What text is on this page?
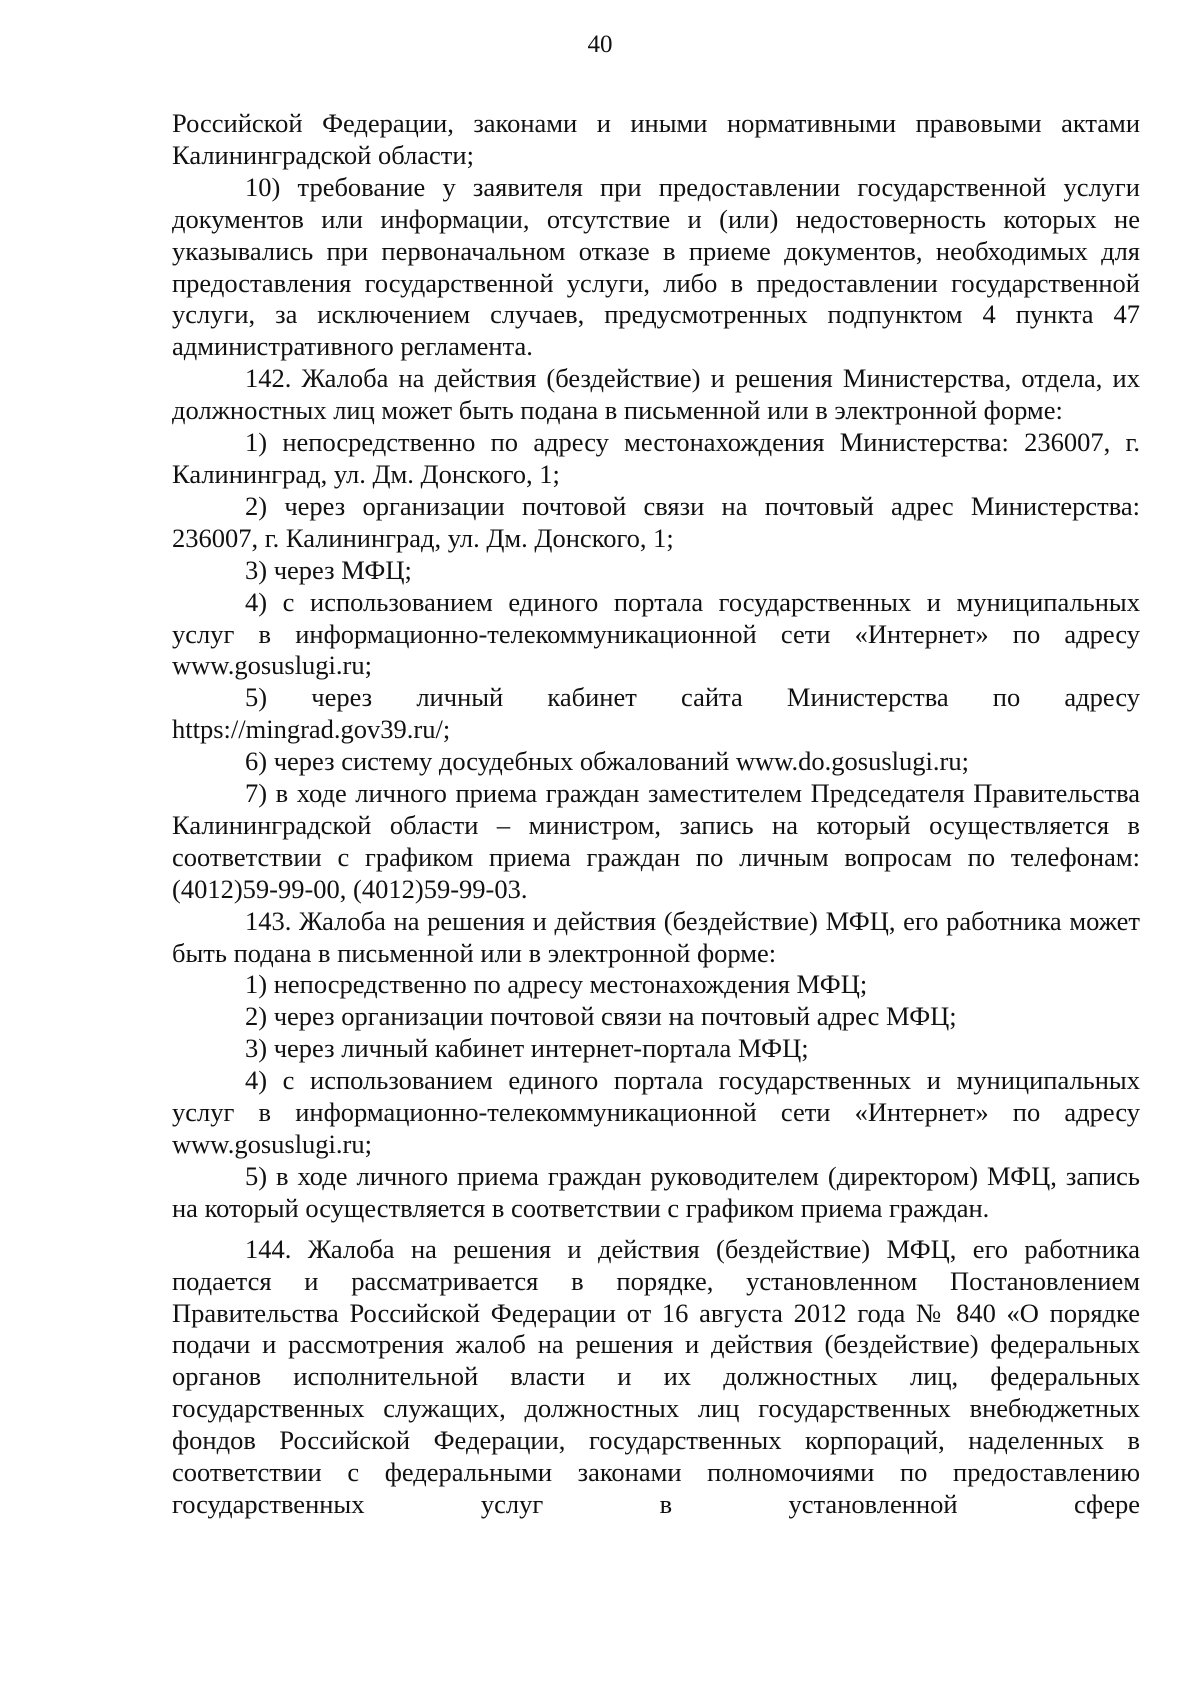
40

Российской Федерации, законами и иными нормативными правовыми актами Калининградской области;

10) требование у заявителя при предоставлении государственной услуги документов или информации, отсутствие и (или) недостоверность которых не указывались при первоначальном отказе в приеме документов, необходимых для предоставления государственной услуги, либо в предоставлении государственной услуги, за исключением случаев, предусмотренных подпунктом 4 пункта 47 административного регламента.

142. Жалоба на действия (бездействие) и решения Министерства, отдела, их должностных лиц может быть подана в письменной или в электронной форме:

1) непосредственно по адресу местонахождения Министерства: 236007, г. Калининград, ул. Дм. Донского, 1;

2) через организации почтовой связи на почтовый адрес Министерства: 236007, г. Калининград, ул. Дм. Донского, 1;

3) через МФЦ;

4) с использованием единого портала государственных и муниципальных услуг в информационно-телекоммуникационной сети «Интернет» по адресу www.gosuslugi.ru;

5) через личный кабинет сайта Министерства по адресу

https://mingrad.gov39.ru/;

6) через систему досудебных обжалований www.do.gosuslugi.ru;

7) в ходе личного приема граждан заместителем Председателя Правительства Калининградской области – министром, запись на который осуществляется в соответствии с графиком приема граждан по личным вопросам по телефонам: (4012)59-99-00, (4012)59-99-03.

143. Жалоба на решения и действия (бездействие) МФЦ, его работника может быть подана в письменной или в электронной форме:

1) непосредственно по адресу местонахождения МФЦ;

2) через организации почтовой связи на почтовый адрес МФЦ;

3) через личный кабинет интернет-портала МФЦ;

4) с использованием единого портала государственных и муниципальных услуг в информационно-телекоммуникационной сети «Интернет» по адресу www.gosuslugi.ru;

5) в ходе личного приема граждан руководителем (директором) МФЦ, запись на который осуществляется в соответствии с графиком приема граждан.

144. Жалоба на решения и действия (бездействие) МФЦ, его работника подается и рассматривается в порядке, установленном Постановлением Правительства Российской Федерации от 16 августа 2012 года № 840 «О порядке подачи и рассмотрения жалоб на решения и действия (бездействие) федеральных органов исполнительной власти и их должностных лиц, федеральных государственных служащих, должностных лиц государственных внебюджетных фондов Российской Федерации, государственных корпораций, наделенных в соответствии с федеральными законами полномочиями по предоставлению государственных услуг в установленной сфере
